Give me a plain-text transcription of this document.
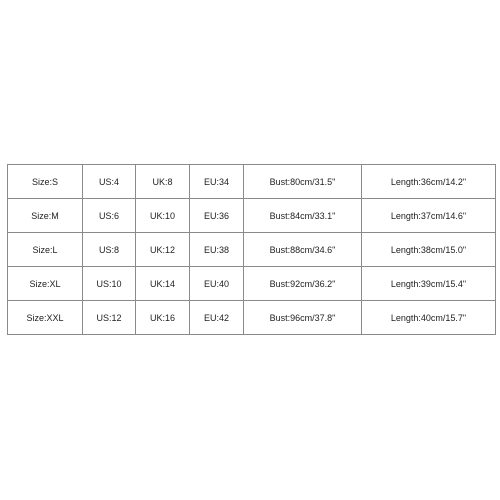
Size:S	US:4	UK:8	EU:34	Bust:80cm/31.5"	Length:36cm/14.2"
Size:M	US:6	UK:10	EU:36	Bust:84cm/33.1"	Length:37cm/14.6"
Size:L	US:8	UK:12	EU:38	Bust:88cm/34.6"	Length:38cm/15.0"
Size:XL	US:10	UK:14	EU:40	Bust:92cm/36.2"	Length:39cm/15.4"
Size:XXL	US:12	UK:16	EU:42	Bust:96cm/37.8"	Length:40cm/15.7"
